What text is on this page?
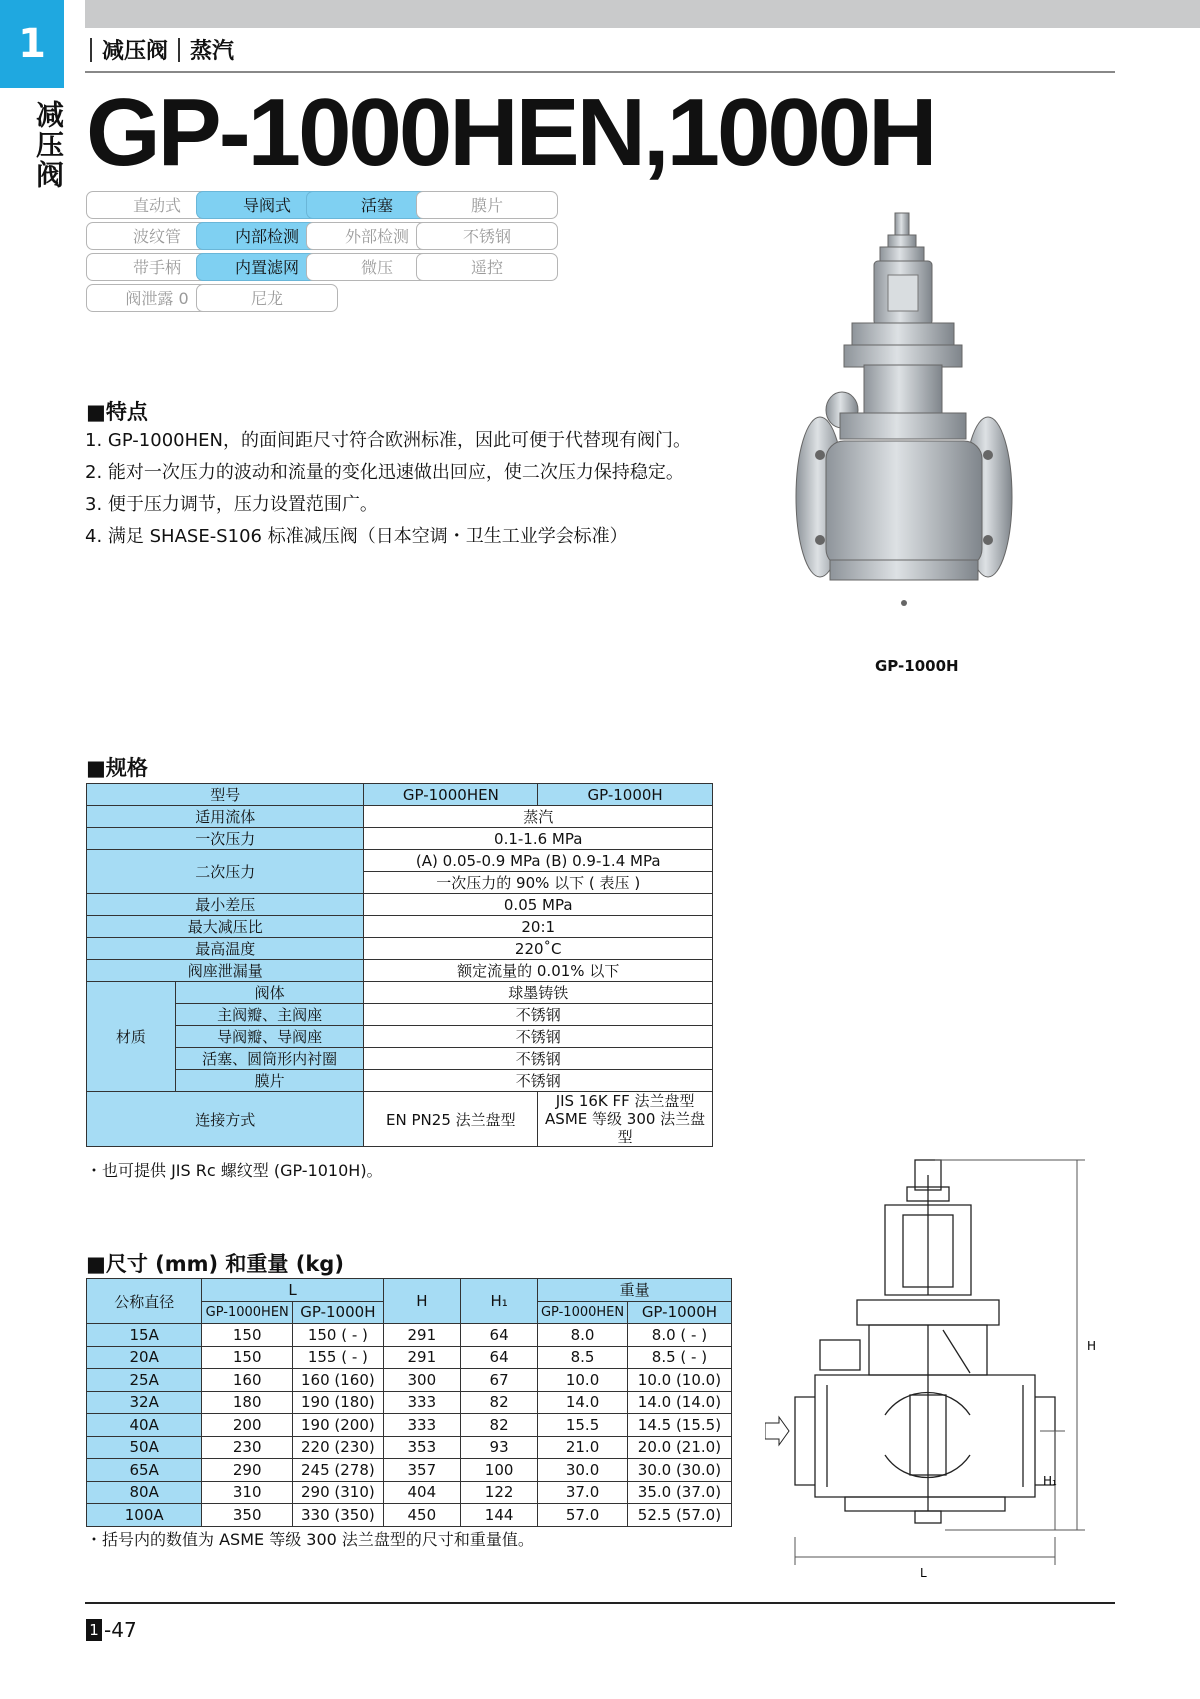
1
减压阀
减压阀 蒸汽
GP-1000HEN,1000H
直动式	导阀式	活塞	膜片
波纹管	内部检测	外部检测	不锈钢
带手柄	内置滤网	微压	遥控
阀泄露 0	尼龙
■特点
1. GP-1000HEN，的面间距尺寸符合欧洲标准，因此可便于代替现有阀门。
2. 能对一次压力的波动和流量的变化迅速做出回应，使二次压力保持稳定。
3. 便于压力调节，压力设置范围广。
4. 满足 SHASE-S106 标准减压阀（日本空调・卫生工业学会标准）
GP-1000H
■规格
型号		GP-1000HEN	GP-1000H
适用流体		蒸汽	
一次压力		0.1-1.6 MPa	
二次压力		(A) 0.05-0.9 MPa (B) 0.9-1.4 MPa	
		一次压力的 90% 以下 ( 表压 )	
最小差压		0.05 MPa	
最大减压比		20:1	
最高温度		220˚C	
阀座泄漏量		额定流量的 0.01% 以下	
材质	阀体	球墨铸铁	
	主阀瓣、主阀座	不锈钢	
	导阀瓣、导阀座	不锈钢	
	活塞、圆筒形内衬圈	不锈钢	
	膜片	不锈钢	
连接方式		EN PN25 法兰盘型	JIS 16K FF 法兰盘型
ASME 等级 300 法兰盘型
・也可提供 JIS Rc 螺纹型 (GP-1010H)。
■尺寸 (mm) 和重量 (kg)
公称直径	L		H	H₁	重量	
	GP-1000HEN	GP-1000H			GP-1000HEN	GP-1000H
15A	150	150 ( - )	291	64	8.0	8.0 ( - )
20A	150	155 ( - )	291	64	8.5	8.5 ( - )
25A	160	160 (160)	300	67	10.0	10.0 (10.0)
32A	180	190 (180)	333	82	14.0	14.0 (14.0)
40A	200	190 (200)	333	82	15.5	14.5 (15.5)
50A	230	220 (230)	353	93	21.0	20.0 (21.0)
65A	290	245 (278)	357	100	30.0	30.0 (30.0)
80A	310	290 (310)	404	122	37.0	35.0 (37.0)
100A	350	330 (350)	450	144	57.0	52.5 (57.0)
・括号内的数值为 ASME 等级 300 法兰盘型的尺寸和重量值。
H
H₁
L
1 -47
